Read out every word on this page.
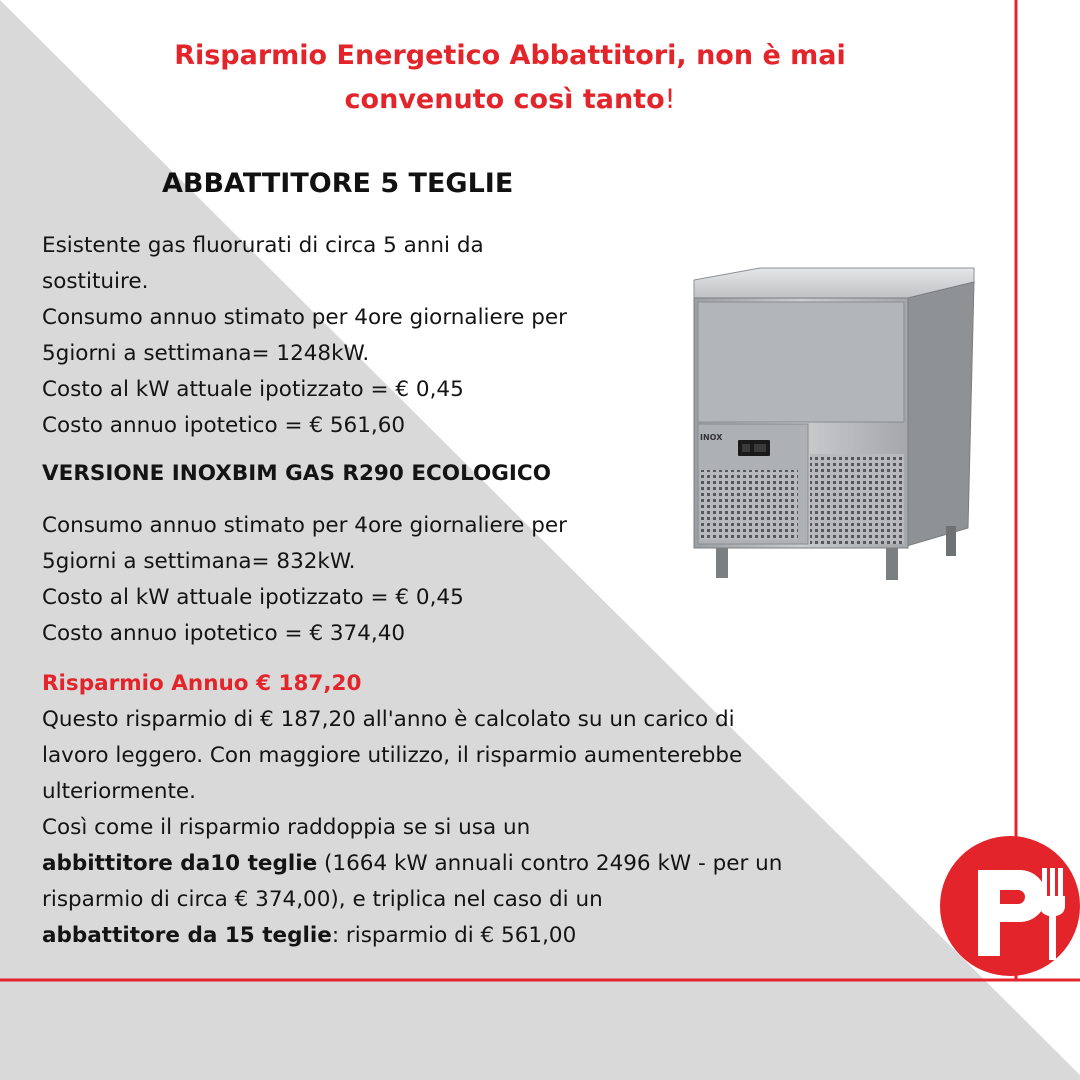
Risparmio Energetico Abbattitori, non è mai
convenuto così tanto!
ABBATTITORE 5 TEGLIE
Esistente gas fluorurati di circa 5 anni da
sostituire.
Consumo annuo stimato per 4ore giornaliere per
5giorni a settimana= 1248kW.
Costo al kW attuale ipotizzato = € 0,45
Costo annuo ipotetico = € 561,60
VERSIONE INOXBIM GAS R290 ECOLOGICO
Consumo annuo stimato per 4ore giornaliere per
5giorni a settimana= 832kW.
Costo al kW attuale ipotizzato = € 0,45
Costo annuo ipotetico = € 374,40
Risparmio Annuo € 187,20
Questo risparmio di € 187,20 all'anno è calcolato su un carico di
lavoro leggero. Con maggiore utilizzo, il risparmio aumenterebbe
ulteriormente.
Così come il risparmio raddoppia se si usa un
abbittitore da10 teglie (1664 kW annuali contro 2496 kW - per un
risparmio di circa € 374,00), e triplica nel caso di un
abbattitore da 15 teglie: risparmio di € 561,00
INOX
